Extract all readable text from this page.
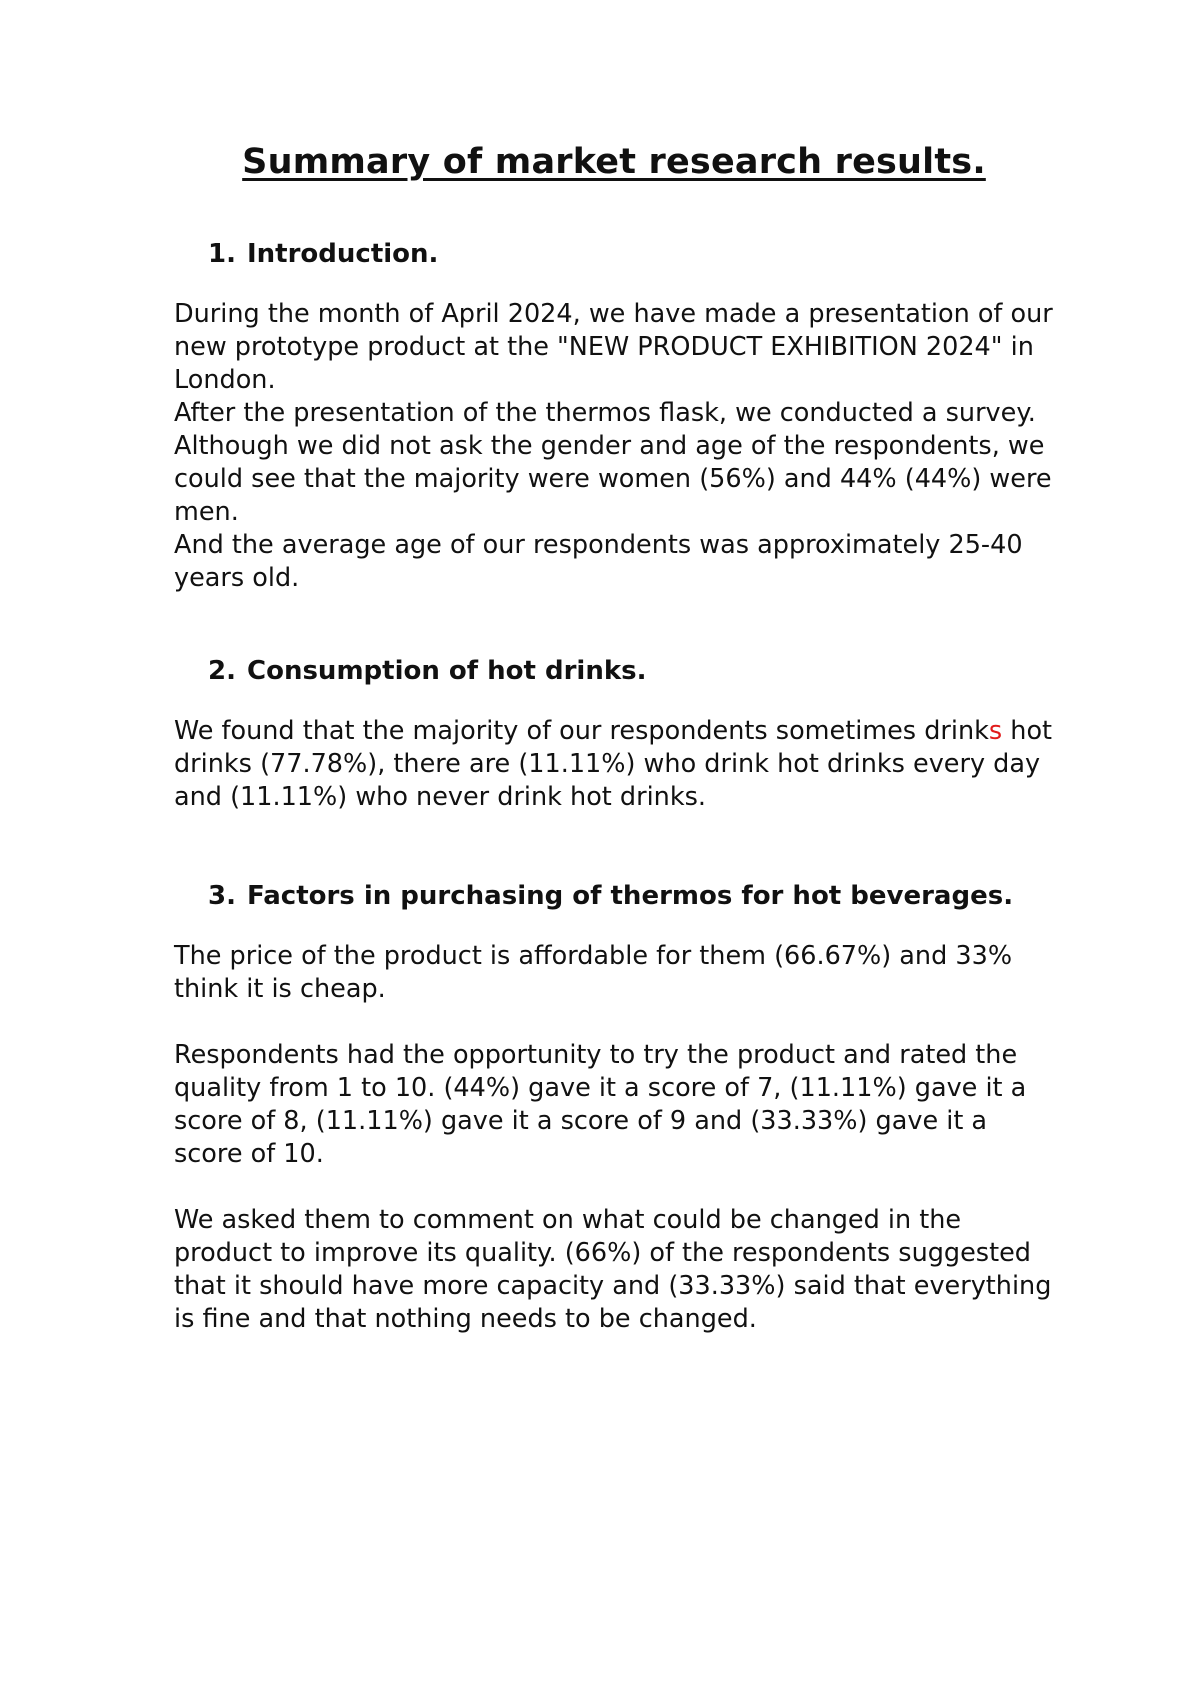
Summary of market research results.
1. Introduction.

During the month of April 2024, we have made a presentation of our new prototype product at the "NEW PRODUCT EXHIBITION 2024" in London.

After the presentation of the thermos flask, we conducted a survey.

Although we did not ask the gender and age of the respondents, we could see that the majority were women (56%) and 44% (44%) were men.

And the average age of our respondents was approximately 25-40 years old.

2. Consumption of hot drinks.

We found that the majority of our respondents sometimes drinks hot drinks (77.78%), there are (11.11%) who drink hot drinks every day and (11.11%) who never drink hot drinks.

3. Factors in purchasing of thermos for hot beverages.

The price of the product is affordable for them (66.67%) and 33% think it is cheap.

Respondents had the opportunity to try the product and rated the quality from 1 to 10. (44%) gave it a score of 7, (11.11%) gave it a score of 8, (11.11%) gave it a score of 9 and (33.33%) gave it a score of 10.

We asked them to comment on what could be changed in the product to improve its quality. (66%) of the respondents suggested that it should have more capacity and (33.33%) said that everything is fine and that nothing needs to be changed.
